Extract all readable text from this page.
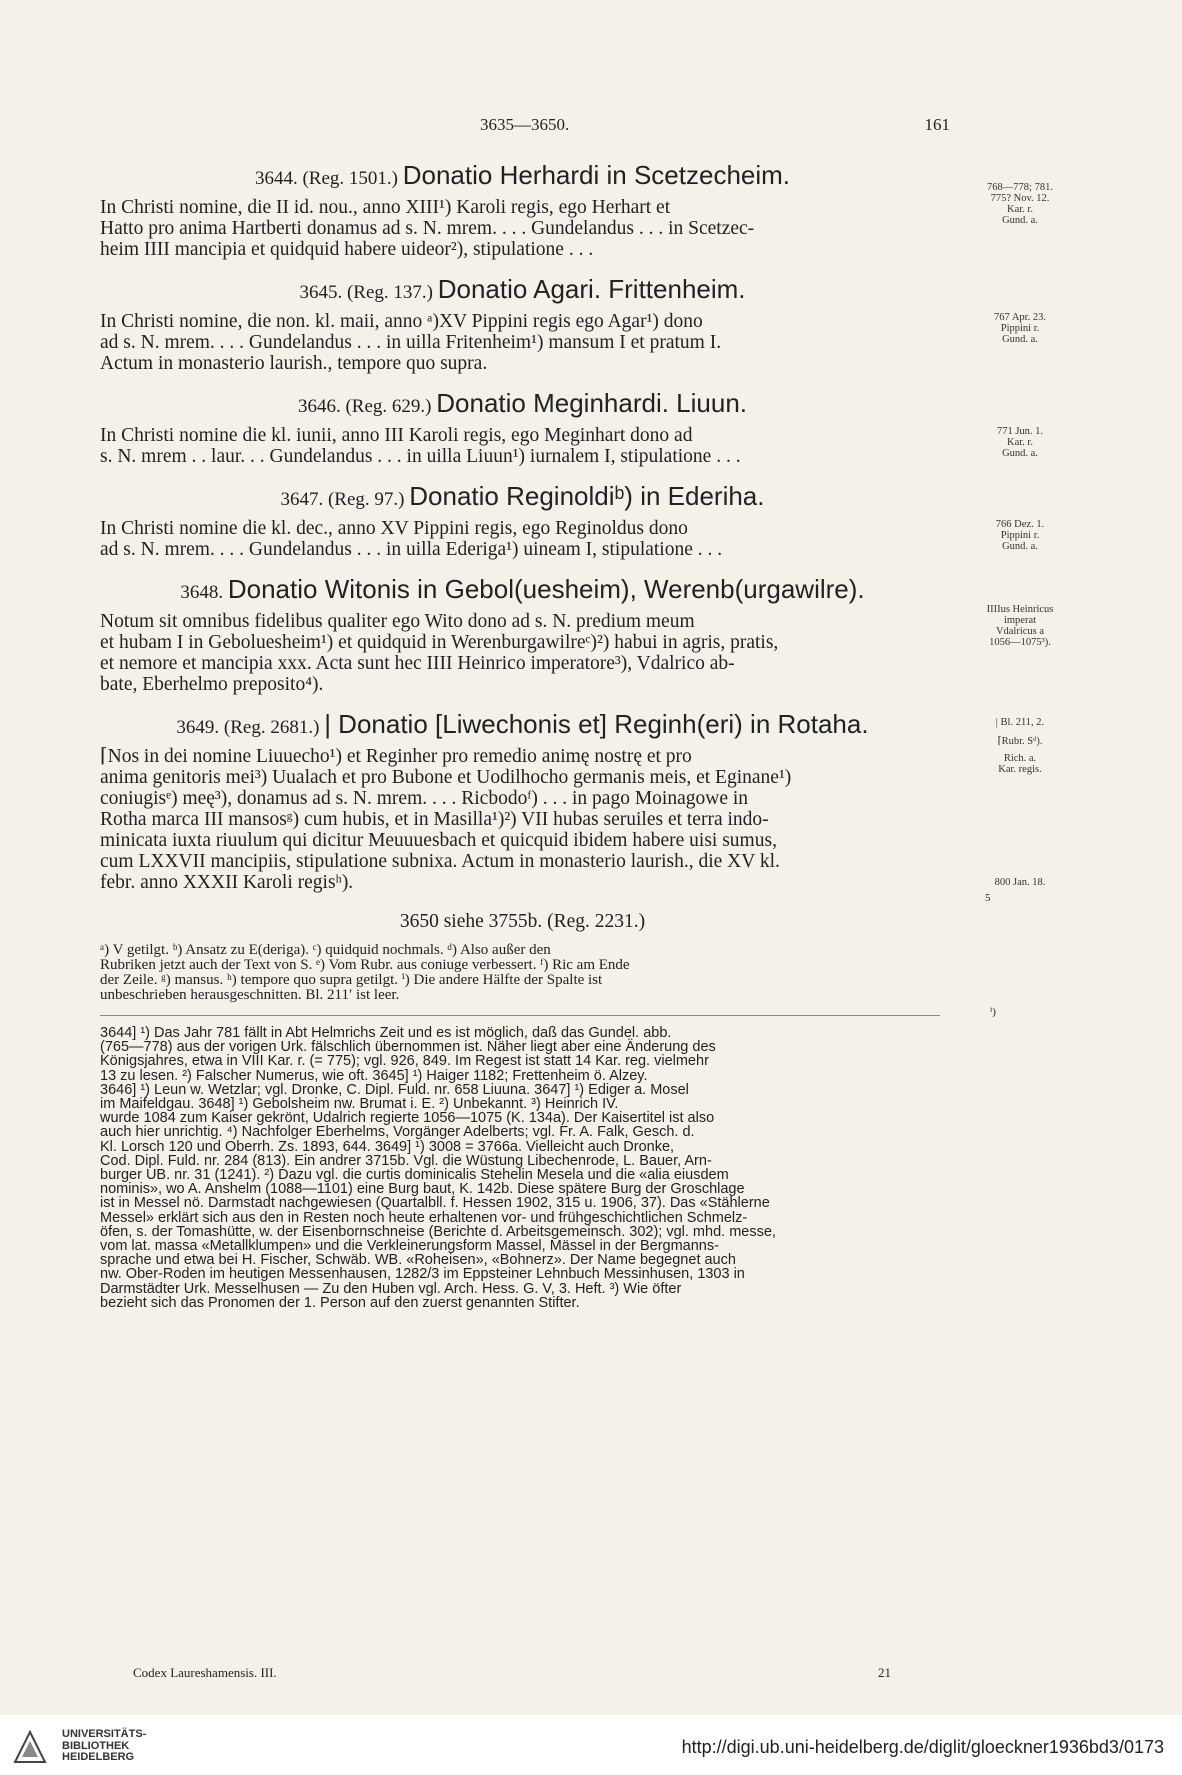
3635—3650.	161
3644. (Reg. 1501.) Donatio Herhardi in Scetzecheim.

In Christi nomine, die II id. nou., anno XIII¹) Karoli regis, ego Herhart et
Hatto pro anima Hartberti donamus ad s. N. mrem. . . . Gundelandus . . . in Scetzec-
heim IIII mancipia et quidquid habere uideor²), stipulatione . . .

768—778; 781.
775? Nov. 12.
Kar. r.
Gund. a.
3645. (Reg. 137.) Donatio Agari. Frittenheim.

In Christi nomine, die non. kl. maii, anno ᵃ)XV Pippini regis ego Agar¹) dono
ad s. N. mrem. . . . Gundelandus . . . in uilla Fritenheim¹) mansum I et pratum I.
Actum in monasterio laurish., tempore quo supra.

767 Apr. 23.
Pippini r.
Gund. a.
3646. (Reg. 629.) Donatio Meginhardi. Liuun.

In Christi nomine die kl. iunii, anno III Karoli regis, ego Meginhart dono ad
s. N. mrem . . laur. . . Gundelandus . . . in uilla Liuun¹) iurnalem I, stipulatione . . .

771 Jun. 1.
Kar. r.
Gund. a.
3647. (Reg. 97.) Donatio Reginoldiᵇ) in Ederiha.

In Christi nomine die kl. dec., anno XV Pippini regis, ego Reginoldus dono
ad s. N. mrem. . . . Gundelandus . . . in uilla Ederiga¹) uineam I, stipulatione . . .

766 Dez. 1.
Pippini r.
Gund. a.
3648. Donatio Witonis in Gebol(uesheim), Werenb(urgawilre).

Notum sit omnibus fidelibus qualiter ego Wito dono ad s. N. predium meum
et hubam I in Geboluesheim¹) et quidquid in Werenburgawilreᶜ)²) habui in agris, pratis,
et nemore et mancipia xxx. Acta sunt hec IIII Heinrico imperatore³), Vdalrico ab-
bate, Eberhelmo preposito⁴).

IIIIus Heinricus
imperat
Vdalricus a
1056—1075³).
3649. (Reg. 2681.) | Donatio [Liwechonis et] Reginh(eri) in Rotaha.

⌈Nos in dei nomine Liuuecho¹) et Reginher pro remedio animę nostrę et pro
anima genitoris mei³) Uualach et pro Bubone et Uodilhocho germanis meis, et Eginane¹)
coniugisᵉ) meę³), donamus ad s. N. mrem. . . . Ricbodoᶠ) . . . in pago Moinagowe in
Rotha marca III mansosᵍ) cum hubis, et in Masilla¹)²) VII hubas seruiles et terra indo-
minicata iuxta riuulum qui dicitur Meuuuesbach et quicquid ibidem habere uisi sumus,
cum LXXVII mancipiis, stipulatione subnixa. Actum in monasterio laurish., die XV kl.
febr. anno XXXII Karoli regisʰ).

| Bl. 211, 2.
⌈Rubr. Sᵈ).
Rich. a.
Kar. regis.
800 Jan. 18.
3650 siehe 3755b. (Reg. 2231.)
ᵃ) V getilgt. ᵇ) Ansatz zu E(deriga). ᶜ) quidquid nochmals. ᵈ) Also außer den
Rubriken jetzt auch der Text von S. ᵉ) Vom Rubr. aus coniuge verbessert. ᶠ) Ric am Ende
der Zeile. ᵍ) mansus. ʰ) tempore quo supra getilgt. ⁱ) Die andere Hälfte der Spalte ist
unbeschrieben herausgeschnitten. Bl. 211′ ist leer.
3644] ¹) Das Jahr 781 fällt in Abt Helmrichs Zeit und es ist möglich, daß das Gundel. abb.
(765—778) aus der vorigen Urk. fälschlich übernommen ist. Näher liegt aber eine Änderung des
Königsjahres, etwa in VIII Kar. r. (= 775); vgl. 926, 849. Im Regest ist statt 14 Kar. reg. vielmehr
13 zu lesen. ²) Falscher Numerus, wie oft. 3645] ¹) Haiger 1182; Frettenheim ö. Alzey.
3646] ¹) Leun w. Wetzlar; vgl. Dronke, C. Dipl. Fuld. nr. 658 Liuuna. 3647] ¹) Ediger a. Mosel
im Maifeldgau. 3648] ¹) Gebolsheim nw. Brumat i. E. ²) Unbekannt. ³) Heinrich IV.
wurde 1084 zum Kaiser gekrönt, Udalrich regierte 1056—1075 (K. 134a). Der Kaisertitel ist also
auch hier unrichtig. ⁴) Nachfolger Eberhelms, Vorgänger Adelberts; vgl. Fr. A. Falk, Gesch. d.
Kl. Lorsch 120 und Oberrh. Zs. 1893, 644. 3649] ¹) 3008 = 3766a. Vielleicht auch Dronke,
Cod. Dipl. Fuld. nr. 284 (813). Ein andrer 3715b. Vgl. die Wüstung Libechenrode, L. Bauer, Arn-
burger UB. nr. 31 (1241). ²) Dazu vgl. die curtis dominicalis Stehelin Mesela und die «alia eiusdem
nominis», wo A. Anshelm (1088—1101) eine Burg baut, K. 142b. Diese spätere Burg der Groschlage
ist in Messel nö. Darmstadt nachgewiesen (Quartalbll. f. Hessen 1902, 315 u. 1906, 37). Das «Stählerne
Messel» erklärt sich aus den in Resten noch heute erhaltenen vor- und frühgeschichtlichen Schmelz-
öfen, s. der Tomashütte, w. der Eisenbornschneise (Berichte d. Arbeitsgemeinsch. 302); vgl. mhd. messe,
vom lat. massa «Metallklumpen» und die Verkleinerungsform Massel, Mässel in der Bergmanns-
sprache und etwa bei H. Fischer, Schwäb. WB. «Roheisen», «Bohnerz». Der Name begegnet auch
nw. Ober-Roden im heutigen Messenhausen, 1282/3 im Eppsteiner Lehnbuch Messinhusen, 1303 in
Darmstädter Urk. Messelhusen — Zu den Huben vgl. Arch. Hess. G. V, 3. Heft. ³) Wie öfter
bezieht sich das Pronomen der 1. Person auf den zuerst genannten Stifter.
5
ⁱ)
Codex Laureshamensis. III.	21
UNIVERSITÄTS-
BIBLIOTHEK
HEIDELBERG	http://digi.ub.uni-heidelberg.de/diglit/gloeckner1936bd3/0173
